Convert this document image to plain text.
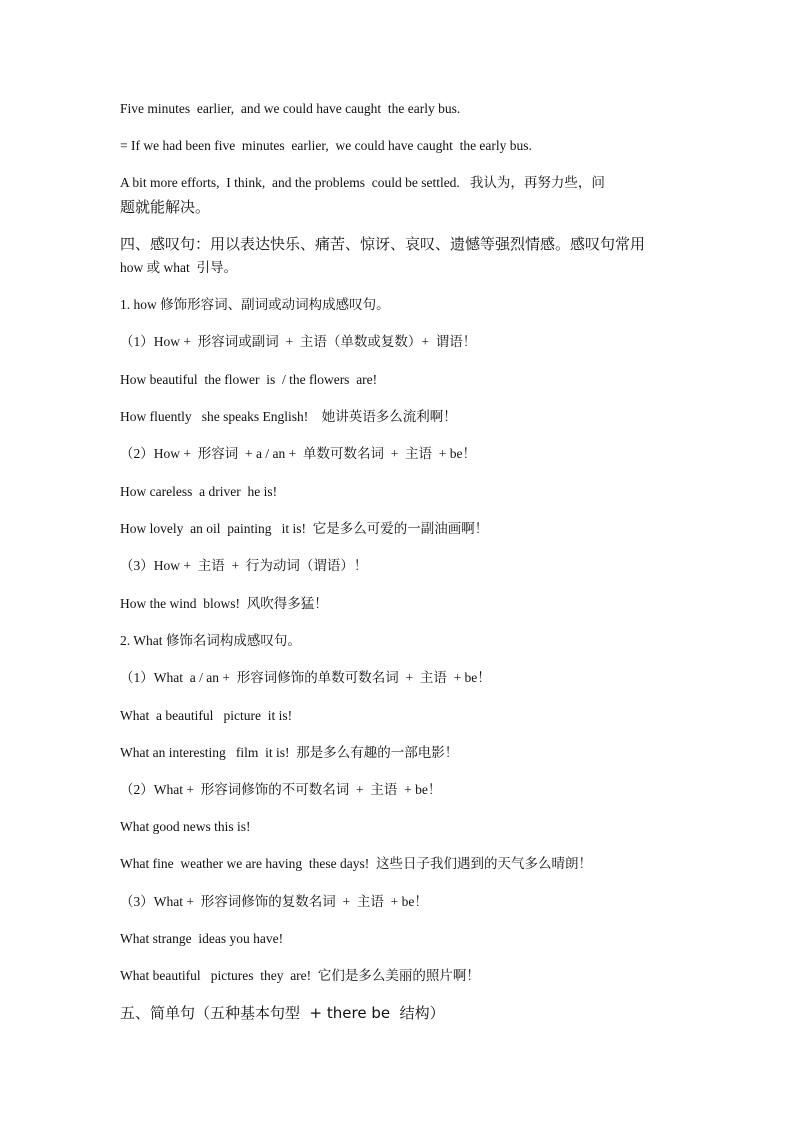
Five minutes  earlier,  and we could have caught  the early bus.
= If we had been five  minutes  earlier,  we could have caught  the early bus.
A bit more efforts,  I think,  and the problems  could be settled.   我认为，再努力些，问
题就能解决。
四、感叹句：用以表达快乐、痛苦、惊讶、哀叹、遗憾等强烈情感。感叹句常用
how 或 what  引导。
1. how 修饰形容词、副词或动词构成感叹句。
（1）How +  形容词或副词  +  主语（单数或复数）+  谓语！
How beautiful  the flower  is  / the flowers  are!
How fluently   she speaks English!    她讲英语多么流利啊！
（2）How +  形容词  + a / an +  单数可数名词  +  主语  + be！
How careless  a driver  he is!
How lovely  an oil  painting   it is!  它是多么可爱的一副油画啊！
（3）How +  主语  +  行为动词（谓语）！
How the wind  blows!  风吹得多猛！
2. What 修饰名词构成感叹句。
（1）What  a / an +  形容词修饰的单数可数名词  +  主语  + be！
What  a beautiful   picture  it is!
What an interesting   film  it is!  那是多么有趣的一部电影！
（2）What +  形容词修饰的不可数名词  +  主语  + be！
What good news this is!
What fine  weather we are having  these days!  这些日子我们遇到的天气多么晴朗！
（3）What +  形容词修饰的复数名词  +  主语  + be！
What strange  ideas you have!
What beautiful   pictures  they  are!  它们是多么美丽的照片啊！
五、简单句（五种基本句型  + there be  结构）
